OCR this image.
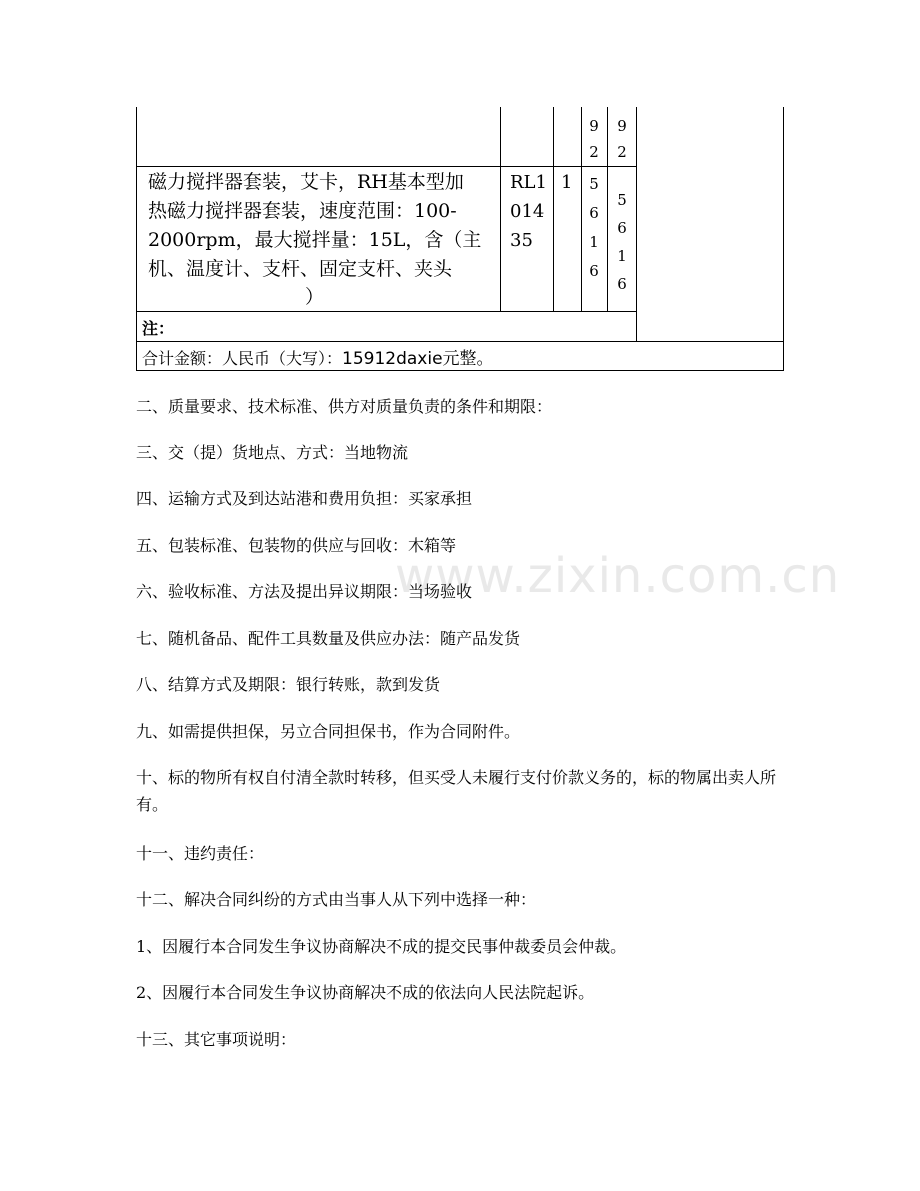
www.zixin.com.cn
9
2
9
2
磁力搅拌器套装，艾卡，RH基本型加
热磁力搅拌器套装，速度范围：100-
2000rpm，最大搅拌量：15L，含（主
机、温度计、支杆、固定支杆、夹头
）
RL1
014
35
1	5
6
1
6
5
6
1
6
注：
合计金额：人民币（大写）：15912daxie元整。
二、质量要求、技术标准、供方对质量负责的条件和期限：
三、交（提）货地点、方式：当地物流
四、运输方式及到达站港和费用负担：买家承担
五、包装标准、包装物的供应与回收：木箱等
六、验收标准、方法及提出异议期限：当场验收
七、随机备品、配件工具数量及供应办法：随产品发货
八、结算方式及期限：银行转账，款到发货
九、如需提供担保，另立合同担保书，作为合同附件。
十、标的物所有权自付清全款时转移，但买受人未履行支付价款义务的，标的物属出卖人所有。
十一、违约责任：
十二、解决合同纠纷的方式由当事人从下列中选择一种：
1、因履行本合同发生争议协商解决不成的提交民事仲裁委员会仲裁。
2、因履行本合同发生争议协商解决不成的依法向人民法院起诉。
十三、其它事项说明：
